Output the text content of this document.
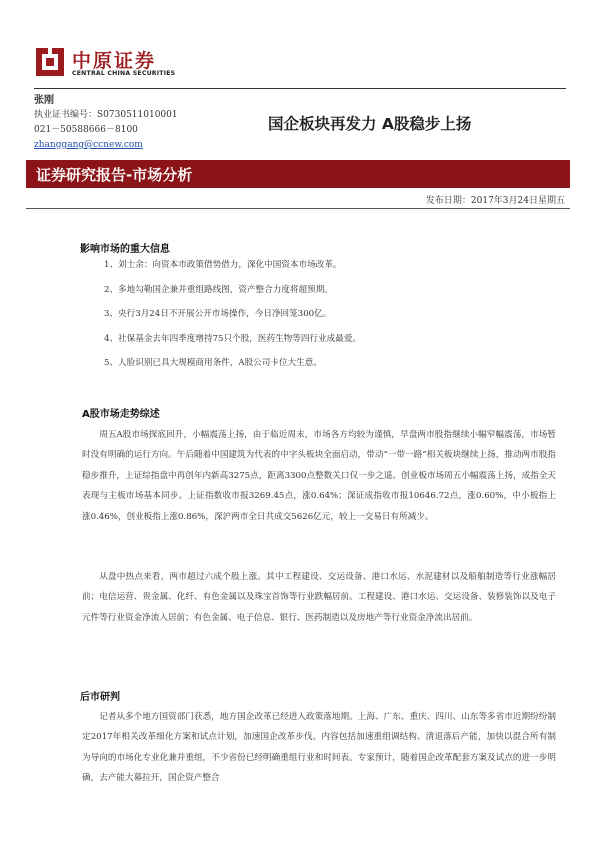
中原证券
CENTRAL CHINA SECURITIES
张刚
执业证书编号：S0730511010001
021－50588666－8100
zhanggang@ccnew.com
国企板块再发力 A股稳步上扬
证券研究报告-市场分析
发布日期：2017年3月24日星期五
影响市场的重大信息
1、刘士余：向资本市政策借势借力，深化中国资本市场改革。
2、多地勾勒国企兼并重组路线图，资产整合力度将超预期。
3、央行3月24日不开展公开市场操作，今日净回笼300亿。
4、社保基金去年四季度增持75只个股，医药生物等四行业成最爱。
5、人脸识别已具大规模商用条件，A股公司卡位大生意。
A股市场走势综述

周五A股市场探底回升，小幅震荡上扬，由于临近周末，市场各方均较为谨慎，早盘两市股指继续小幅窄幅震荡，市场暂时没有明确的运行方向。午后随着中国建筑为代表的中字头板块全面启动，带动“一带一路”相关板块继续上扬，推动两市股指稳步推升，上证综指盘中再创年内新高3275点，距离3300点整数关口仅一步之遥。创业板市场周五小幅震荡上扬，成指全天表现与主板市场基本同步。上证指数收市报3269.45点，涨0.64%；深证成指收市报10646.72点，涨0.60%，中小板指上涨0.46%，创业板指上涨0.86%，深沪两市全日共成交5626亿元，较上一交易日有所减少。

从盘中热点来看，两市超过六成个股上涨。其中工程建设、交运设备、港口水运、水泥建材以及船舶制造等行业涨幅居前；电信运营、贵金属、化纤、有色金属以及珠宝首饰等行业跌幅居前。工程建设、港口水运、交运设备、装修装饰以及电子元件等行业资金净流入居前；有色金属、电子信息、银行、医药制造以及房地产等行业资金净流出居前。

后市研判

记者从多个地方国资部门获悉，地方国企改革已经进入政策落地期。上海、广东、重庆、四川、山东等多省市近期纷纷制定2017年相关改革细化方案和试点计划，加速国企改革步伐。内容包括加速重组调结构、清退落后产能，加快以混合所有制为导向的市场化专业化兼并重组，不少省份已经明确重组行业和时间表。专家预计，随着国企改革配套方案及试点的进一步明确，去产能大幕拉开，国企资产整合
